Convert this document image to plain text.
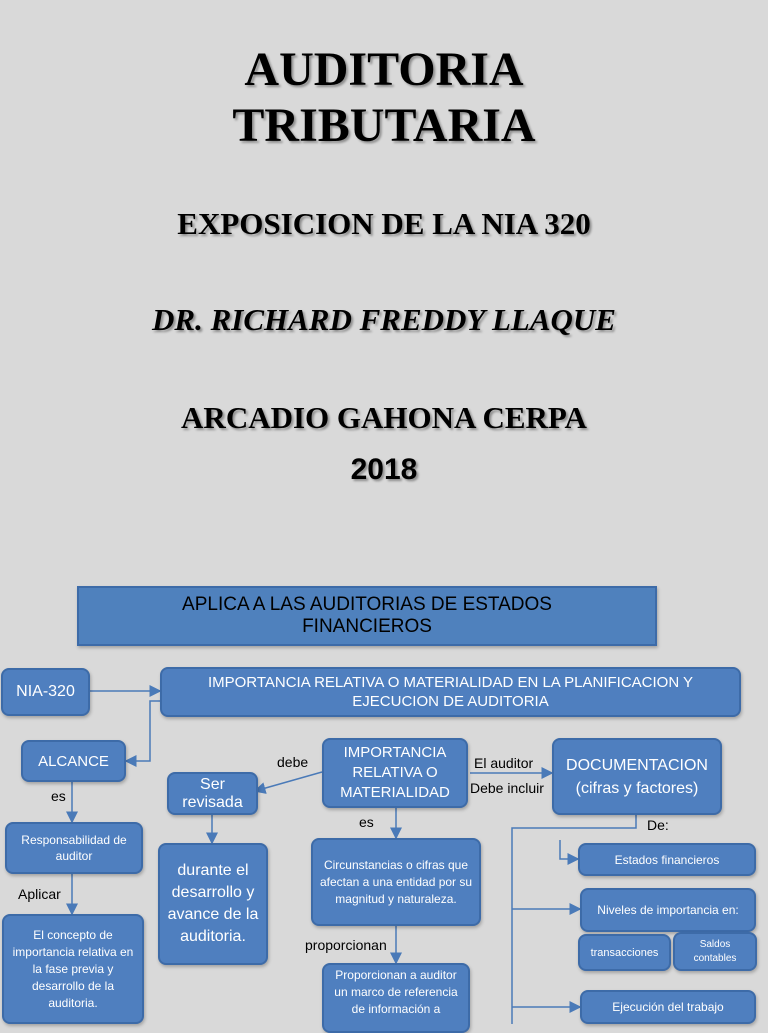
AUDITORIA
TRIBUTARIA
EXPOSICION DE LA NIA 320
DR. RICHARD FREDDY LLAQUE
ARCADIO GAHONA CERPA
2018
APLICA A LAS AUDITORIAS DE ESTADOS FINANCIEROS
NIA-320
IMPORTANCIA RELATIVA O MATERIALIDAD EN LA PLANIFICACION Y EJECUCION DE AUDITORIA
ALCANCE
Ser revisada
IMPORTANCIA RELATIVA O MATERIALIDAD
DOCUMENTACION (cifras y factores)
Responsabilidad de auditor
durante el desarrollo y avance de la auditoria.
Circunstancias o cifras que afectan a una entidad por su magnitud y naturaleza.
El concepto de importancia relativa en la fase previa y desarrollo de la auditoria.
Proporcionan a auditor un marco de referencia de información a
Estados financieros
Niveles de importancia en:
transacciones
Saldos contables
Ejecución del trabajo
debe	El auditor
Debe incluir
es
es	De:
Aplicar
proporcionan
